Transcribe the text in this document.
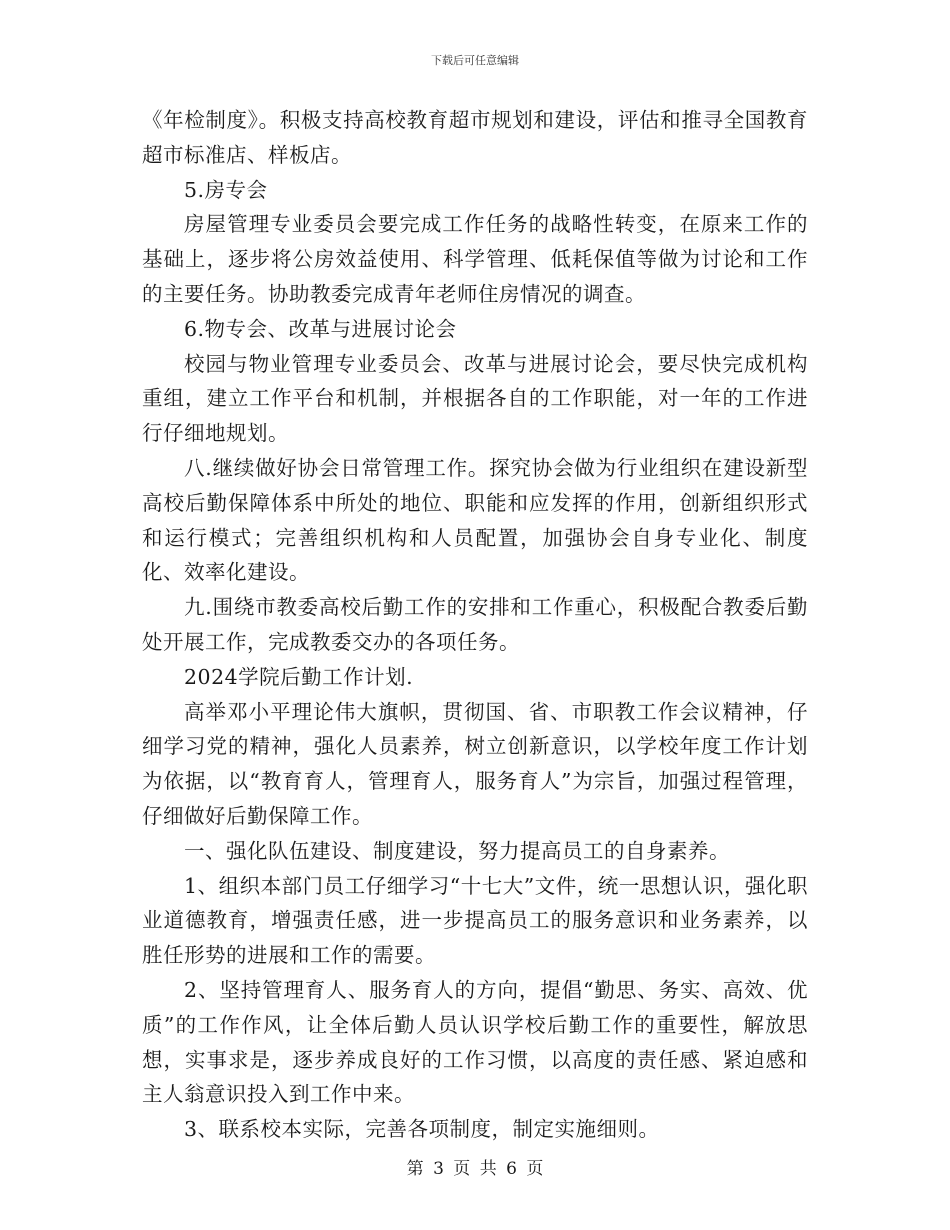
下载后可任意编辑

《年检制度》。积极支持高校教育超市规划和建设，评估和推寻全国教育超市标准店、样板店。

5.房专会

房屋管理专业委员会要完成工作任务的战略性转变，在原来工作的基础上，逐步将公房效益使用、科学管理、低耗保值等做为讨论和工作的主要任务。协助教委完成青年老师住房情况的调查。

6.物专会、改革与进展讨论会

校园与物业管理专业委员会、改革与进展讨论会，要尽快完成机构重组，建立工作平台和机制，并根据各自的工作职能，对一年的工作进行仔细地规划。

八.继续做好协会日常管理工作。探究协会做为行业组织在建设新型高校后勤保障体系中所处的地位、职能和应发挥的作用，创新组织形式和运行模式；完善组织机构和人员配置，加强协会自身专业化、制度化、效率化建设。

九.围绕市教委高校后勤工作的安排和工作重心，积极配合教委后勤处开展工作，完成教委交办的各项任务。

2024学院后勤工作计划.

高举邓小平理论伟大旗帜，贯彻国、省、市职教工作会议精神，仔细学习党的精神，强化人员素养，树立创新意识，以学校年度工作计划为依据，以“教育育人，管理育人，服务育人”为宗旨，加强过程管理，仔细做好后勤保障工作。

一、强化队伍建设、制度建设，努力提高员工的自身素养。

1、组织本部门员工仔细学习“十七大”文件，统一思想认识，强化职业道德教育，增强责任感，进一步提高员工的服务意识和业务素养，以胜任形势的进展和工作的需要。

2、坚持管理育人、服务育人的方向，提倡“勤思、务实、高效、优质”的工作作风，让全体后勤人员认识学校后勤工作的重要性，解放思想，实事求是，逐步养成良好的工作习惯，以高度的责任感、紧迫感和主人翁意识投入到工作中来。

3、联系校本实际，完善各项制度，制定实施细则。

第 3 页 共 6 页
